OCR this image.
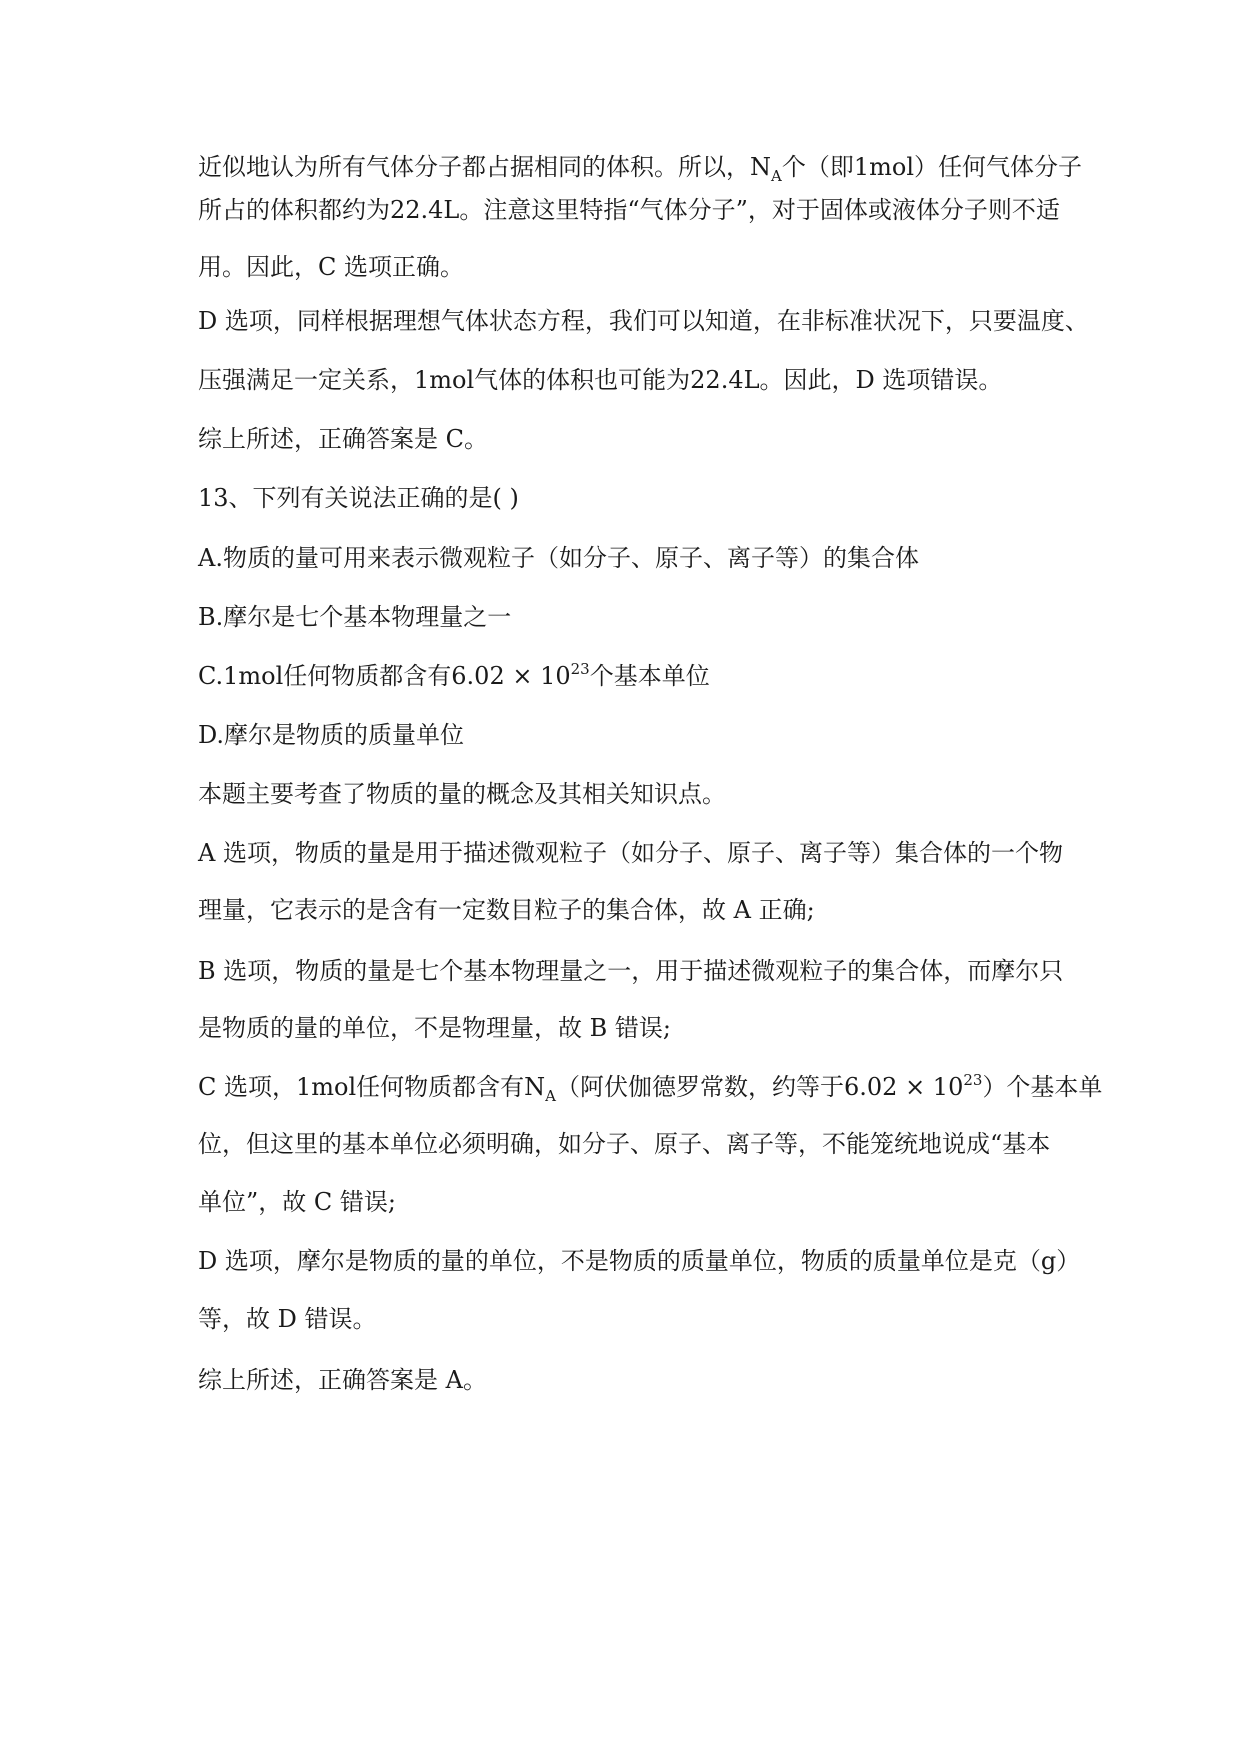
近似地认为所有气体分子都占据相同的体积。所以，$N_A$个（即1mol）任何气体分子
所占的体积都约为22.4L。注意这里特指“气体分子”，对于固体或液体分子则不适
用。因此，C 选项正确。
D 选项，同样根据理想气体状态方程，我们可以知道，在非标准状况下，只要温度、
压强满足一定关系，1mol气体的体积也可能为22.4L。因此，D 选项错误。
综上所述，正确答案是 C。
13、下列有关说法正确的是( )
A.物质的量可用来表示微观粒子（如分子、原子、离子等）的集合体
B.摩尔是七个基本物理量之一
C.1mol任何物质都含有$6.02 \times 10^{23}$个基本单位
D.摩尔是物质的质量单位
本题主要考查了物质的量的概念及其相关知识点。
A 选项，物质的量是用于描述微观粒子（如分子、原子、离子等）集合体的一个物
理量，它表示的是含有一定数目粒子的集合体，故 A 正确;
B 选项，物质的量是七个基本物理量之一，用于描述微观粒子的集合体，而摩尔只
是物质的量的单位，不是物理量，故 B 错误;
C 选项，1mol任何物质都含有$N_A$（阿伏伽德罗常数，约等于$6.02 \times 10^{23}$）个基本单
位，但这里的基本单位必须明确，如分子、原子、离子等，不能笼统地说成“基本
单位”，故 C 错误;
D 选项，摩尔是物质的量的单位，不是物质的质量单位，物质的质量单位是克（g）
等，故 D 错误。
综上所述，正确答案是 A。
